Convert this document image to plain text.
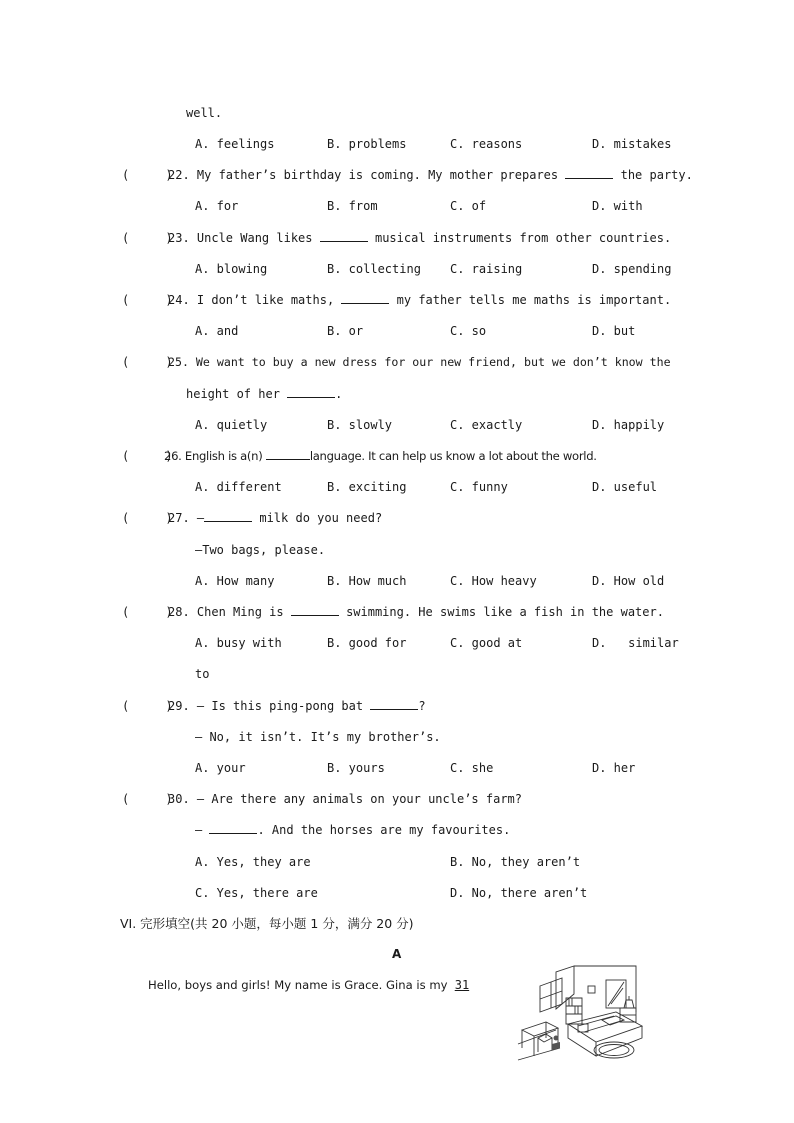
well.
A. feelings	B. problems	C. reasons	D. mistakes
(     )
22. My father’s birthday is coming. My mother prepares	the party.
A. for	B. from	C. of	D. with
(     )
23. Uncle Wang likes	musical instruments from other countries.
A. blowing	B. collecting C. raising	D. spending
(     )
24. I don’t like maths,	my father tells me maths is important.
A. and	B. or	C. so	D. but
(     )
25. We want to buy a new dress for our new friend, but we don’t know the
height of her	.
A. quietly	B. slowly	C. exactly	D. happily
(     )
26. English is a(n)	language. It can help us know a lot about the world.
A. different	B. exciting	C. funny	D. useful
(     )
27. —	milk do you need?
—Two bags, please.
A. How many	B. How much	C. How heavy	D. How old
(     )
28. Chen Ming is	swimming. He swims like a fish in the water.
A. busy with	B. good for	C. good at	D.   similar
to
(     )
29. — Is this ping-pong bat	?
— No, it isn’t. It’s my brother’s.
A. your	B. yours	C. she	D. her
(     )
30. — Are there any animals on your uncle’s farm?
—	. And the horses are my favourites.
A. Yes, they are	B. No, they aren’t
C. Yes, there are	D. No, there aren’t
VI. 完形填空(共 20 小题，每小题 1 分，满分 20 分)
A
Hello, boys and girls! My name is Grace. Gina is my 31
